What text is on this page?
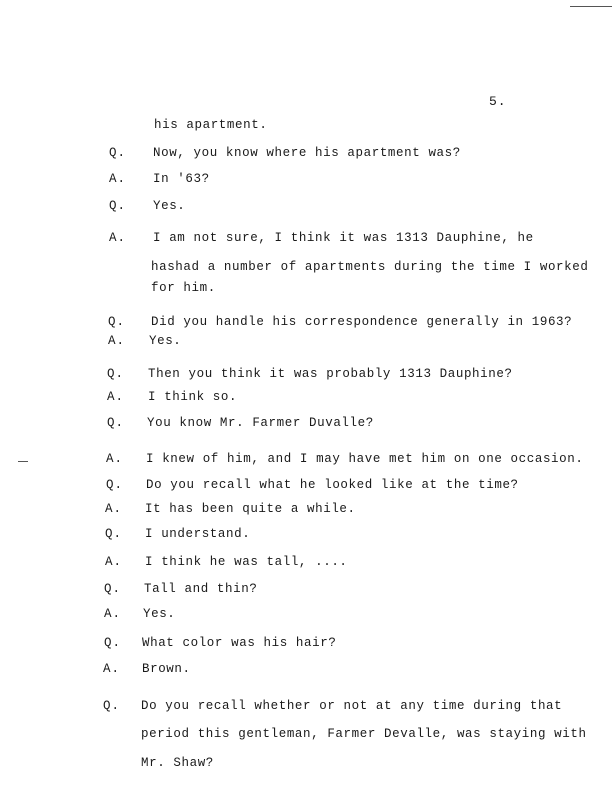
5.
his apartment.
Q. Now, you know where his apartment was?
A. In '63?
Q. Yes.
A. I am not sure, I think it was 1313 Dauphine, he
hashad a number of apartments during the time I worked
for him.
Q. Did you handle his correspondence generally in 1963?
A. Yes.
Q. Then you think it was probably 1313 Dauphine?
A. I think so.
Q. You know Mr. Farmer Duvalle?
A. I knew of him, and I may have met him on one occasion.
Q. Do you recall what he looked like at the time?
A. It has been quite a while.
Q. I understand.
A. I think he was tall, ....
Q. Tall and thin?
A. Yes.
Q. What color was his hair?
A. Brown.
Q. Do you recall whether or not at any time during that
period this gentleman, Farmer Devalle, was staying with
Mr. Shaw?
